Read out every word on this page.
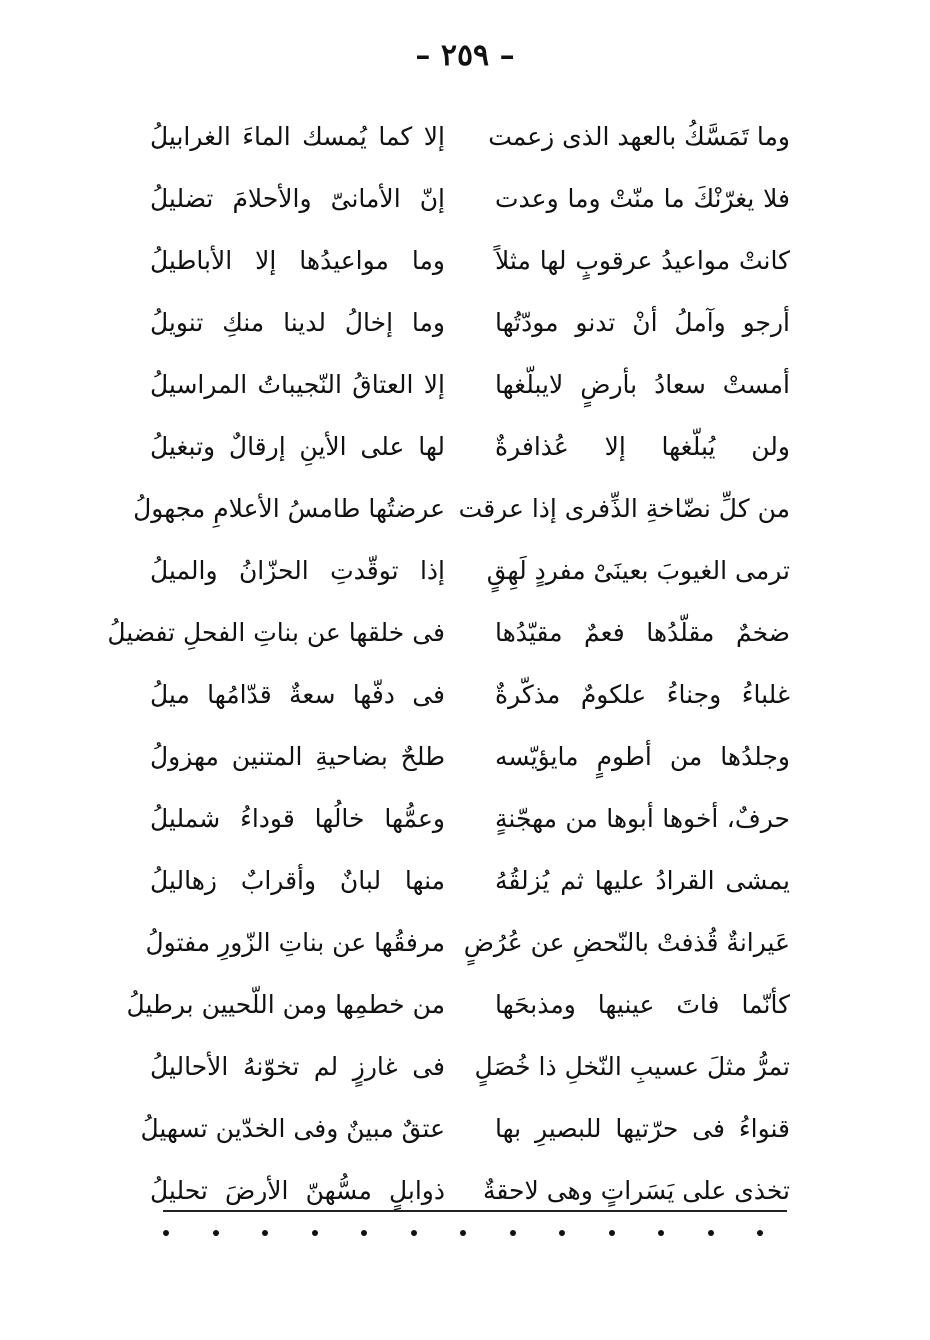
– ٢٥٩ –
وما تَمَسَّكُ بالعهد الذى زعمت
إلا كما يُمسك الماءَ الغرابيلُ
فلا يغرّنْكَ ما منّتْ وما وعدت
إنّ الأمانىّ والأحلامَ تضليلُ
كانتْ مواعيدُ عرقوبٍ لها مثلاً
وما مواعيدُها إلا الأباطيلُ
أرجو وآملُ أنْ تدنو مودّتُها
وما إخالُ لدينا منكِ تنويلُ
أمستْ سعادُ بأرضٍ لايبلّغها
إلا العتاقُ النّجيباتُ المراسيلُ
ولن يُبلّغها إلا عُذافرةٌ
لها على الأينِ إرقالٌ وتبغيلُ
من كلِّ نضّاخةِ الذِّفرى إذا عرقت
عرضتُها طامسُ الأعلامِ مجهولُ
ترمى الغيوبَ بعينَىْ مفردٍ لَهِقٍ
إذا توقّدتِ الحزّانُ والميلُ
ضخمٌ مقلّدُها فعمٌ مقيّدُها
فى خلقها عن بناتِ الفحلِ تفضيلُ
غلباءُ وجناءُ علكومٌ مذكّرةٌ
فى دفّها سعةٌ قدّامُها ميلُ
وجلدُها من أطومٍ مايؤيّسه
طلحٌ بضاحيةِ المتنين مهزولُ
حرفٌ، أخوها أبوها من مهجّنةٍ
وعمُّها خالُها قوداءُ شمليلُ
يمشى القرادُ عليها ثم يُزلقُهُ
منها لبانٌ وأقرابٌ زهاليلُ
عَيرانةٌ قُذفتْ بالنّحضِ عن عُرُضٍ
مرفقُها عن بناتِ الزّورِ مفتولُ
كأنّما فاتَ عينيها ومذبحَها
من خطمِها ومن اللّحيين برطيلُ
تمرُّ مثلَ عسيبِ النّخلِ ذا خُصَلٍ
فى غارزٍ لم تخوّنهُ الأحاليلُ
قنواءُ فى حرّتيها للبصيرِ بها
عتقٌ مبينٌ وفى الخدّين تسهيلُ
تخذى على يَسَراتٍ وهى لاحقةٌ
ذوابلٍ مسُّهنّ الأرضَ تحليلُ
